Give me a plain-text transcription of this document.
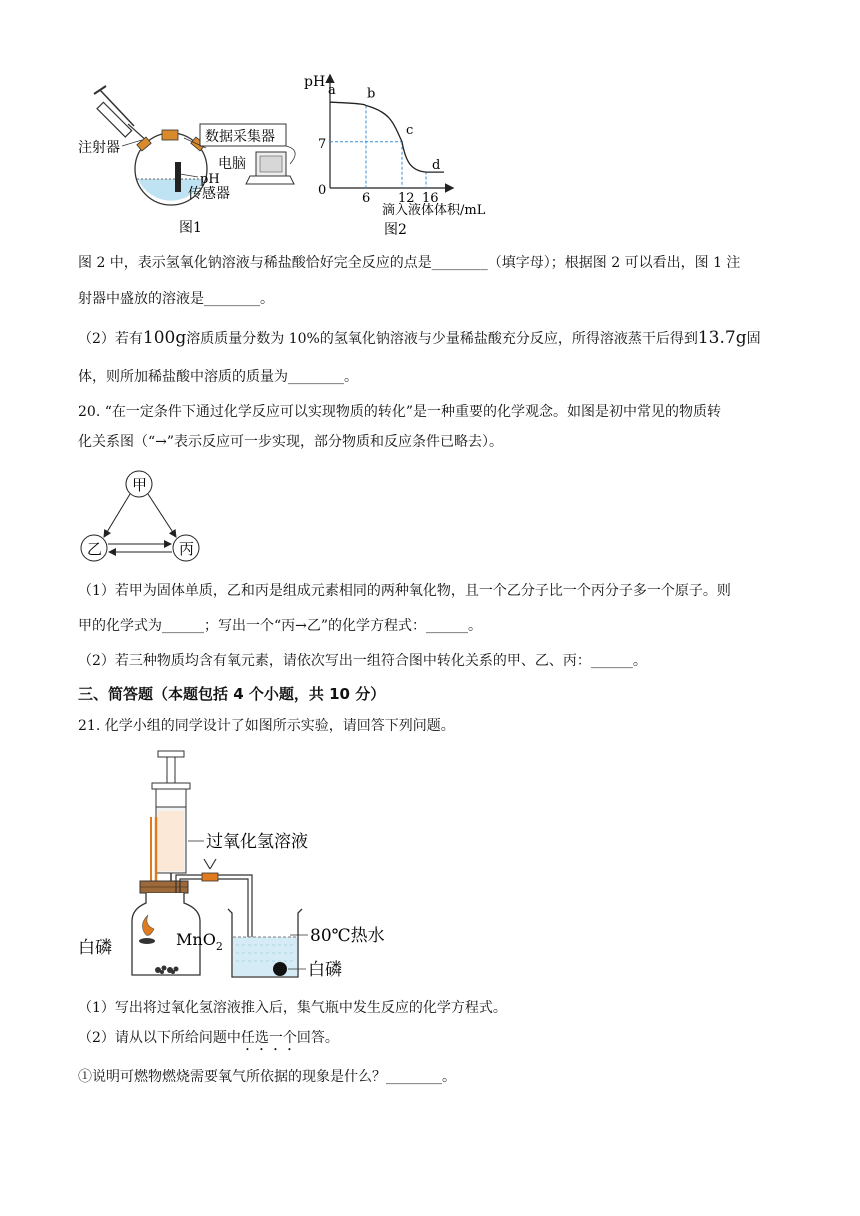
数据采集器
电脑
注射器
pH
传感器
图1
pH
0
7
a b
c
d
6 12 16
滴入液体体积/mL
图2
图 2 中，表示氢氧化钠溶液与稀盐酸恰好完全反应的点是________（填字母）；根据图 2 可以看出，图 1 注
射器中盛放的溶液是________。
（2）若有100g溶质质量分数为 10%的氢氧化钠溶液与少量稀盐酸充分反应，所得溶液蒸干后得到13.7g固
体，则所加稀盐酸中溶质的质量为________。
20. “在一定条件下通过化学反应可以实现物质的转化”是一种重要的化学观念。如图是初中常见的物质转
化关系图（“→”表示反应可一步实现，部分物质和反应条件已略去）。
甲
乙	丙
（1）若甲为固体单质，乙和丙是组成元素相同的两种氧化物，且一个乙分子比一个丙分子多一个原子。则
甲的化学式为______；写出一个“丙→乙”的化学方程式：______。
（2）若三种物质均含有氧元素，请依次写出一组符合图中转化关系的甲、乙、丙：______。
三、简答题（本题包括 4 个小题，共 10 分）
21. 化学小组的同学设计了如图所示实验，请回答下列问题。
过氧化氢溶液
白磷	MnO$_2$
80℃热水
白磷
（1）写出将过氧化氢溶液推入后，集气瓶中发生反应的化学方程式。
（2）请从以下所给问题中任选一个回答。
①说明可燃物燃烧需要氧气所依据的现象是什么？________。
